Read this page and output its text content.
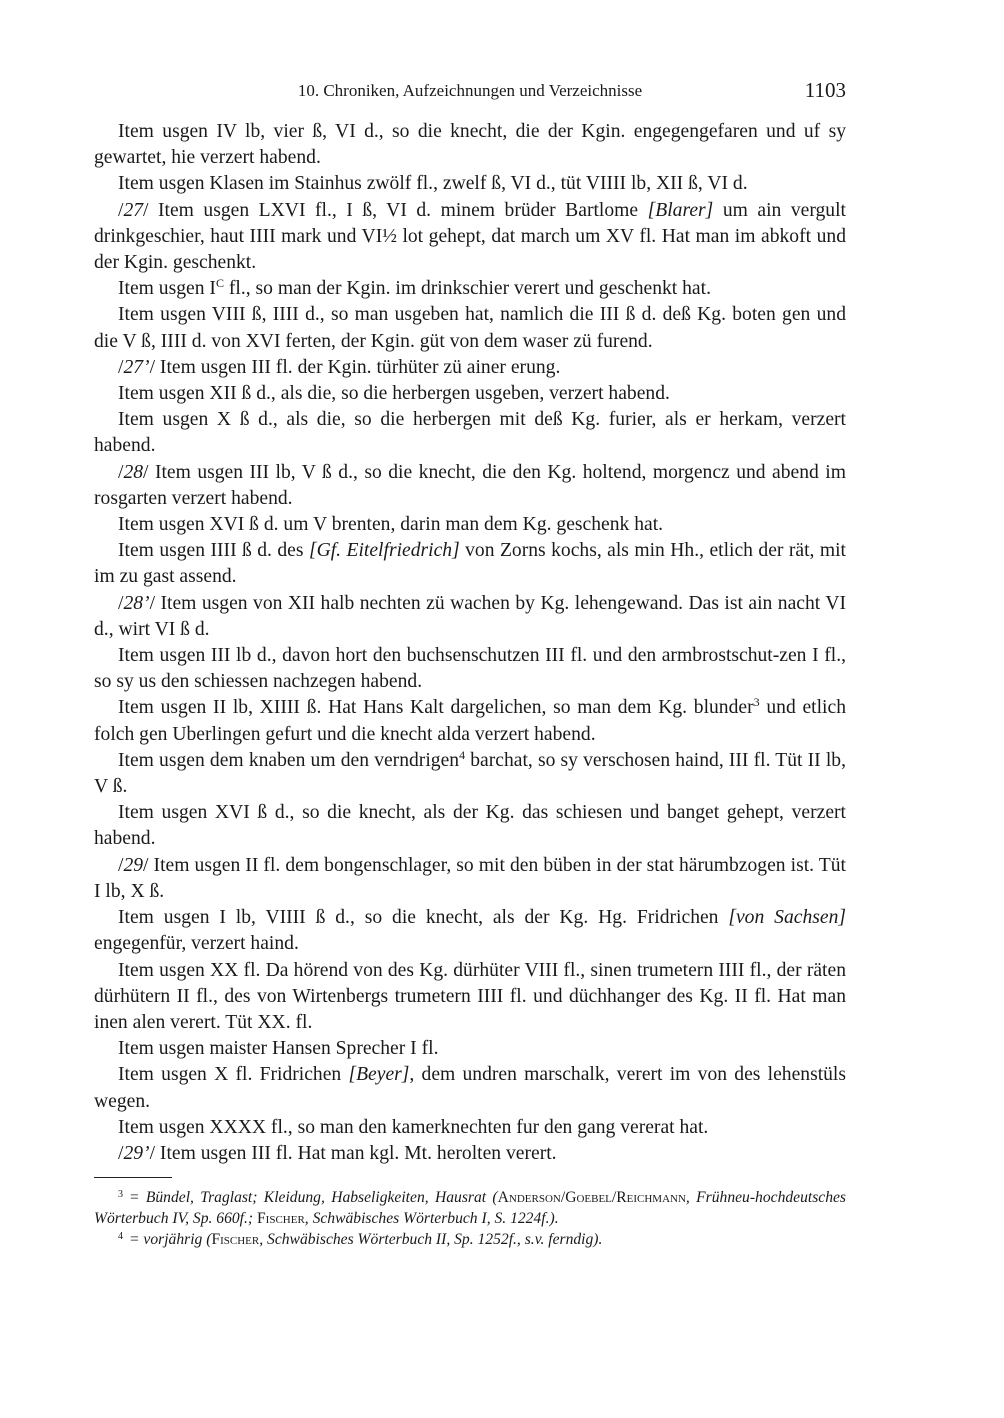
10. Chroniken, Aufzeichnungen und Verzeichnisse	1103

Item usgen IV lb, vier ß, VI d., so die knecht, die der Kgin. engegengefaren und uf sy gewartet, hie verzert habend.

Item usgen Klasen im Stainhus zwölf fl., zwelf ß, VI d., tüt VIIII lb, XII ß, VI d.

/27/ Item usgen LXVI fl., I ß, VI d. minem brüder Bartlome [Blarer] um ain vergult drinkgeschier, haut IIII mark und VI½ lot gehept, dat march um XV fl. Hat man im abkoft und der Kgin. geschenkt.

Item usgen $I^C$ fl., so man der Kgin. im drinkschier verert und geschenkt hat.

Item usgen VIII ß, IIII d., so man usgeben hat, namlich die III ß d. deß Kg. boten gen und die V ß, IIII d. von XVI ferten, der Kgin. güt von dem waser zü furend.

/27’/ Item usgen III fl. der Kgin. türhüter zü ainer erung.

Item usgen XII ß d., als die, so die herbergen usgeben, verzert habend.

Item usgen X ß d., als die, so die herbergen mit deß Kg. furier, als er herkam, verzert habend.

/28/ Item usgen III lb, V ß d., so die knecht, die den Kg. holtend, morgencz und abend im rosgarten verzert habend.

Item usgen XVI ß d. um V brenten, darin man dem Kg. geschenk hat.

Item usgen IIII ß d. des [Gf. Eitelfriedrich] von Zorns kochs, als min Hh., etlich der rät, mit im zu gast assend.

/28’/ Item usgen von XII halb nechten zü wachen by Kg. lehengewand. Das ist ain nacht VI d., wirt VI ß d.

Item usgen III lb d., davon hort den buchsenschutzen III fl. und den armbrostschut-zen I fl., so sy us den schiessen nachzegen habend.

Item usgen II lb, XIIII ß. Hat Hans Kalt dargelichen, so man dem Kg. blunder$^3$ und etlich folch gen Uberlingen gefurt und die knecht alda verzert habend.

Item usgen dem knaben um den verndrigen$^4$ barchat, so sy verschosen haind, III fl. Tüt II lb, V ß.

Item usgen XVI ß d., so die knecht, als der Kg. das schiesen und banget gehept, verzert habend.

/29/ Item usgen II fl. dem bongenschlager, so mit den büben in der stat härumbzogen ist. Tüt I lb, X ß.

Item usgen I lb, VIIII ß d., so die knecht, als der Kg. Hg. Fridrichen [von Sachsen] engegenfür, verzert haind.

Item usgen XX fl. Da hörend von des Kg. dürhüter VIII fl., sinen trumetern IIII fl., der räten dürhütern II fl., des von Wirtenbergs trumetern IIII fl. und düchhanger des Kg. II fl. Hat man inen alen verert. Tüt XX. fl.

Item usgen maister Hansen Sprecher I fl.

Item usgen X fl. Fridrichen [Beyer], dem undren marschalk, verert im von des lehenstüls wegen.

Item usgen XXXX fl., so man den kamerknechten fur den gang vererat hat.

/29’/ Item usgen III fl. Hat man kgl. Mt. herolten verert.

$^3$ = Bündel, Traglast; Kleidung, Habseligkeiten, Hausrat (Anderson/Goebel/Reichmann, Frühneu-hochdeutsches Wörterbuch IV, Sp. 660f.; Fischer, Schwäbisches Wörterbuch I, S. 1224f.).

$^4$ = vorjährig (Fischer, Schwäbisches Wörterbuch II, Sp. 1252f., s.v. ferndig).
